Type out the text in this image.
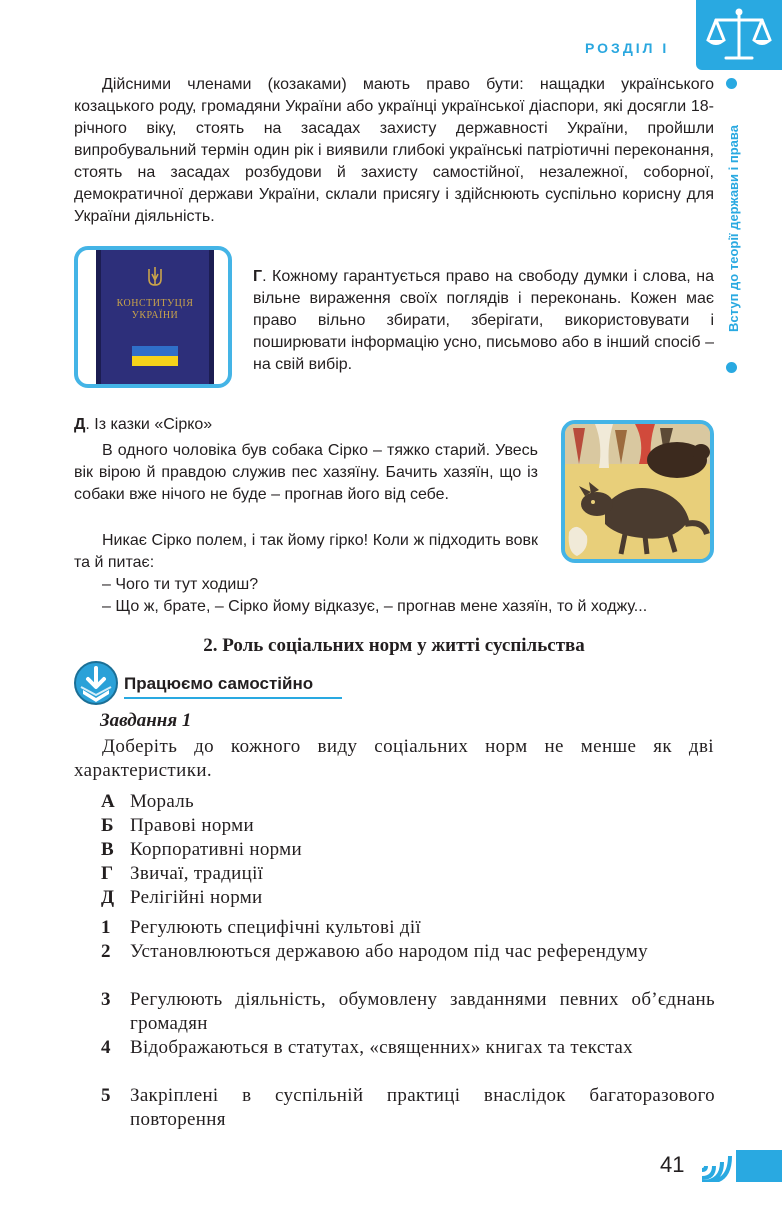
РОЗДІЛ І
Вступ до теорії держави і права

Дійсними членами (козаками) мають право бути: нащадки українського козацького роду, громадяни України або українці української діаспори, які досягли 18-річного віку, стоять на засадах захисту державності України, пройшли випробувальний термін один рік і виявили глибокі українські патріотичні переконання, стоять на засадах розбудови й захисту самостійної, незалежної, соборної, демократичної держави України, склали присягу і здійснюють суспільно корисну для України діяльність.

КОНСТИТУЦІЯ УКРАЇНИ

Г. Кожному гарантується право на свободу думки і слова, на вільне вираження своїх поглядів і переконань. Кожен має право вільно збирати, зберігати, використовувати і поширювати інформацію усно, письмово або в інший спосіб – на свій вибір.

Д. Із казки «Сірко»

В одного чоловіка був собака Сірко – тяжко старий. Увесь вік вірою й правдою служив пес хазяїну. Бачить хазяїн, що із собаки вже нічого не буде – прогнав його від себе.

Никає Сірко полем, і так йому гірко! Коли ж підходить вовк та й питає:

– Чого ти тут ходиш?
– Що ж, брате, – Сірко йому відказує, – прогнав мене хазяїн, то й ходжу...
2. Роль соціальних норм у житті суспільства
Працюємо самостійно
Завдання 1

Доберіть до кожного виду соціальних норм не менше як дві характеристики.

А Мораль
Б Правові норми
В Корпоративні норми
Г Звичаї, традиції
Д Релігійні норми
1	Регулюють специфічні культові дії
2	Установлюються державою або народом під час референдуму
3	Регулюють діяльність, обумовлену завданнями певних об’єднань громадян
4	Відображаються в статутах, «священних» книгах та текстах
5	Закріплені в суспільній практиці внаслідок багаторазового повторення
41
